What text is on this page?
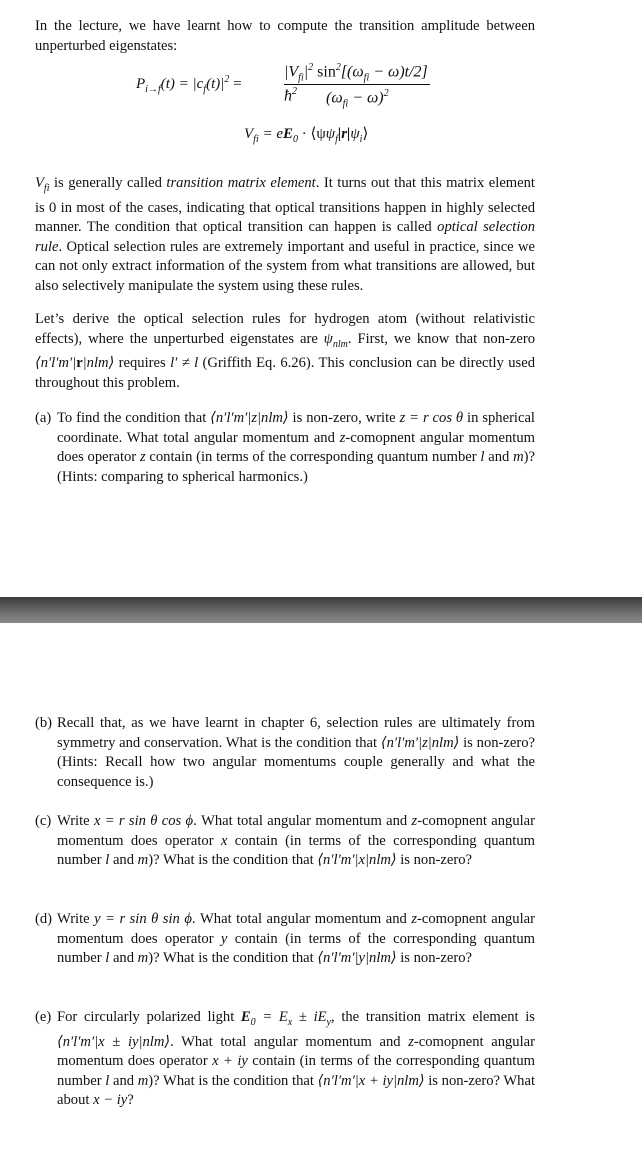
In the lecture, we have learnt how to compute the transition amplitude between unperturbed eigenstates:

$P_{i\to f}(t) = |c_f(t)|^2$ =
$|V_{fi}|^2$ $\sin^2[(\omega_{fi} - \omega)t/2]$
$ħ^2$ $(\omega_{fi} - \omega)^2$
$V_{fi} = eE_0$ · $⟨\psi\psi_f|r|\psi_i⟩$

$V_{fi}$ is generally called transition matrix element. It turns out that this matrix element is 0 in most of the cases, indicating that optical transitions happen in highly selected manner. The condition that optical transition can happen is called optical selection rule. Optical selection rules are extremely important and useful in practice, since we can not only extract information of the system from what transitions are allowed, but also selectively manipulate the system using these rules.

Let’s derive the optical selection rules for hydrogen atom (without relativistic effects), where the unperturbed eigenstates are $\psi_{nlm}$. First, we know that non-zero ⟨n′l′m′|r|nlm⟩ requires l′ ≠ l (Griffith Eq. 6.26). This conclusion can be directly used throughout this problem.

(a) To find the condition that ⟨n′l′m′|z|nlm⟩ is non-zero, write z = r cos θ in spherical coordinate. What total angular momentum and z-comopnent angular momentum does operator z contain (in terms of the corresponding quantum number l and m)? (Hints: comparing to spherical harmonics.)
(b) Recall that, as we have learnt in chapter 6, selection rules are ultimately from symmetry and conservation. What is the condition that ⟨n′l′m′|z|nlm⟩ is non-zero? (Hints: Recall how two angular momentums couple generally and what the consequence is.)
(c) Write x = r sin θ cos ϕ. What total angular momentum and z-comopnent angular momentum does operator x contain (in terms of the corresponding quantum number l and m)? What is the condition that ⟨n′l′m′|x|nlm⟩ is non-zero?
(d) Write y = r sin θ sin ϕ. What total angular momentum and z-comopnent angular momentum does operator y contain (in terms of the corresponding quantum number l and m)? What is the condition that ⟨n′l′m′|y|nlm⟩ is non-zero?
(e) For circularly polarized light $E_0 = E_x \pm iE_y$, the transition matrix element is ⟨n′l′m′|x ± iy|nlm⟩. What total angular momentum and z-comopnent angular momentum does operator x + iy contain (in terms of the corresponding quantum number l and m)? What is the condition that ⟨n′l′m′|x + iy|nlm⟩ is non-zero? What about x − iy?
